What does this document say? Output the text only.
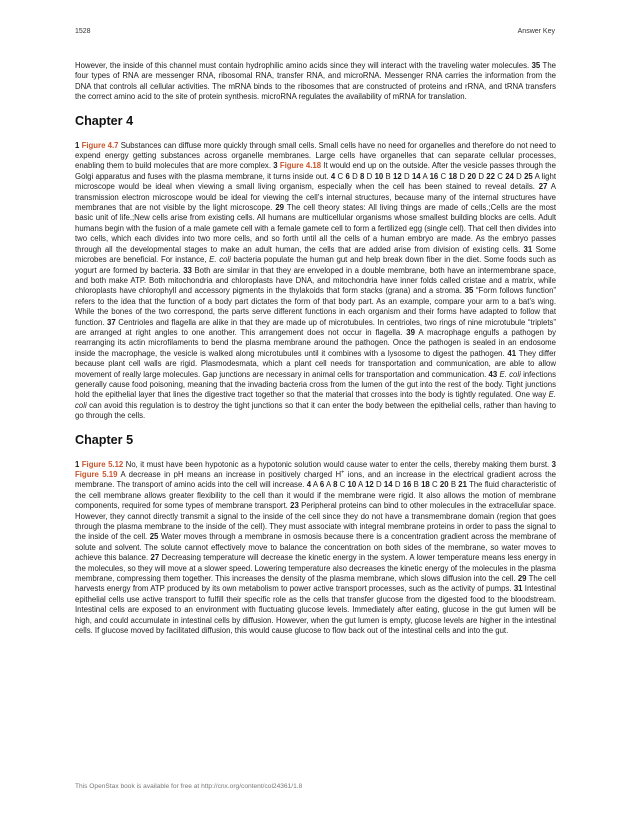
1528	Answer Key

However, the inside of this channel must contain hydrophilic amino acids since they will interact with the traveling water molecules. 35 The four types of RNA are messenger RNA, ribosomal RNA, transfer RNA, and microRNA. Messenger RNA carries the information from the DNA that controls all cellular activities. The mRNA binds to the ribosomes that are constructed of proteins and rRNA, and tRNA transfers the correct amino acid to the site of protein synthesis. microRNA regulates the availability of mRNA for translation.

Chapter 4

1 Figure 4.7 Substances can diffuse more quickly through small cells. Small cells have no need for organelles and therefore do not need to expend energy getting substances across organelle membranes. Large cells have organelles that can separate cellular processes, enabling them to build molecules that are more complex. 3 Figure 4.18 It would end up on the outside. After the vesicle passes through the Golgi apparatus and fuses with the plasma membrane, it turns inside out. 4 C 6 D 8 D 10 B 12 D 14 A 16 C 18 D 20 D 22 C 24 D 25 A light microscope would be ideal when viewing a small living organism, especially when the cell has been stained to reveal details. 27 A transmission electron microscope would be ideal for viewing the cell’s internal structures, because many of the internal structures have membranes that are not visible by the light microscope. 29 The cell theory states: All living things are made of cells.;Cells are the most basic unit of life.;New cells arise from existing cells. All humans are multicellular organisms whose smallest building blocks are cells. Adult humans begin with the fusion of a male gamete cell with a female gamete cell to form a fertilized egg (single cell). That cell then divides into two cells, which each divides into two more cells, and so forth until all the cells of a human embryo are made. As the embryo passes through all the developmental stages to make an adult human, the cells that are added arise from division of existing cells. 31 Some microbes are beneficial. For instance, E. coli bacteria populate the human gut and help break down fiber in the diet. Some foods such as yogurt are formed by bacteria. 33 Both are similar in that they are enveloped in a double membrane, both have an intermembrane space, and both make ATP. Both mitochondria and chloroplasts have DNA, and mitochondria have inner folds called cristae and a matrix, while chloroplasts have chlorophyll and accessory pigments in the thylakoids that form stacks (grana) and a stroma. 35 “Form follows function” refers to the idea that the function of a body part dictates the form of that body part. As an example, compare your arm to a bat’s wing. While the bones of the two correspond, the parts serve different functions in each organism and their forms have adapted to follow that function. 37 Centrioles and flagella are alike in that they are made up of microtubules. In centrioles, two rings of nine microtubule “triplets” are arranged at right angles to one another. This arrangement does not occur in flagella. 39 A macrophage engulfs a pathogen by rearranging its actin microfilaments to bend the plasma membrane around the pathogen. Once the pathogen is sealed in an endosome inside the macrophage, the vesicle is walked along microtubules until it combines with a lysosome to digest the pathogen. 41 They differ because plant cell walls are rigid. Plasmodesmata, which a plant cell needs for transportation and communication, are able to allow movement of really large molecules. Gap junctions are necessary in animal cells for transportation and communication. 43 E. coli infections generally cause food poisoning, meaning that the invading bacteria cross from the lumen of the gut into the rest of the body. Tight junctions hold the epithelial layer that lines the digestive tract together so that the material that crosses into the body is tightly regulated. One way E. coli can avoid this regulation is to destroy the tight junctions so that it can enter the body between the epithelial cells, rather than having to go through the cells.

Chapter 5

1 Figure 5.12 No, it must have been hypotonic as a hypotonic solution would cause water to enter the cells, thereby making them burst. 3 Figure 5.19 A decrease in pH means an increase in positively charged H+ ions, and an increase in the electrical gradient across the membrane. The transport of amino acids into the cell will increase. 4 A 6 A 8 C 10 A 12 D 14 D 16 B 18 C 20 B 21 The fluid characteristic of the cell membrane allows greater flexibility to the cell than it would if the membrane were rigid. It also allows the motion of membrane components, required for some types of membrane transport. 23 Peripheral proteins can bind to other molecules in the extracellular space. However, they cannot directly transmit a signal to the inside of the cell since they do not have a transmembrane domain (region that goes through the plasma membrane to the inside of the cell). They must associate with integral membrane proteins in order to pass the signal to the inside of the cell. 25 Water moves through a membrane in osmosis because there is a concentration gradient across the membrane of solute and solvent. The solute cannot effectively move to balance the concentration on both sides of the membrane, so water moves to achieve this balance. 27 Decreasing temperature will decrease the kinetic energy in the system. A lower temperature means less energy in the molecules, so they will move at a slower speed. Lowering temperature also decreases the kinetic energy of the molecules in the plasma membrane, compressing them together. This increases the density of the plasma membrane, which slows diffusion into the cell. 29 The cell harvests energy from ATP produced by its own metabolism to power active transport processes, such as the activity of pumps. 31 Intestinal epithelial cells use active transport to fulfill their specific role as the cells that transfer glucose from the digested food to the bloodstream. Intestinal cells are exposed to an environment with fluctuating glucose levels. Immediately after eating, glucose in the gut lumen will be high, and could accumulate in intestinal cells by diffusion. However, when the gut lumen is empty, glucose levels are higher in the intestinal cells. If glucose moved by facilitated diffusion, this would cause glucose to flow back out of the intestinal cells and into the gut.

This OpenStax book is available for free at http://cnx.org/content/col24361/1.8
